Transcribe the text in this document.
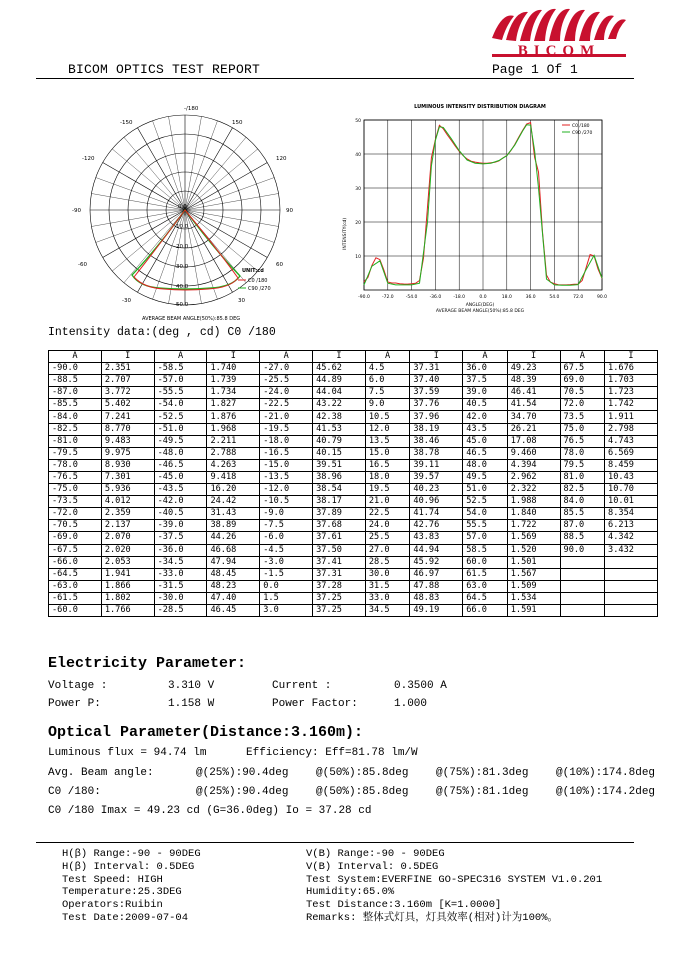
BICOM
BICOM OPTICS TEST REPORT	Page 1 Of 1
-/180
150
-150
120
-120
90
-90
60
-60
30
-30
0.0
10.0
20.0
30.0
40.0
50.0
UNIT:cd
C0 /180
C90 /270
AVERAGE BEAM ANGLE(50%):85.8 DEG
LUMINOUS INTENSITY DISTRIBUTION DIAGRAM
INTENSITY(cd)
-90.0	-72.0	-54.0	-36.0	-18.0	0.0	18.0	36.0	54.0	72.0	90.0
10
20
30
40
50
C0 /180
C90 /270
ANGLE(DEG)
AVERAGE BEAM ANGLE(50%):85.8 DEG
Intensity data:(deg , cd) C0 /180
A	I	A	I	A	I	A	I	A	I	A	I
-90.0	2.351	-58.5	1.740	-27.0	45.62	4.5	37.31	36.0	49.23	67.5	1.676
-88.5	2.707	-57.0	1.739	-25.5	44.89	6.0	37.40	37.5	48.39	69.0	1.703
-87.0	3.772	-55.5	1.734	-24.0	44.04	7.5	37.59	39.0	46.41	70.5	1.723
-85.5	5.402	-54.0	1.827	-22.5	43.22	9.0	37.76	40.5	41.54	72.0	1.742
-84.0	7.241	-52.5	1.876	-21.0	42.38	10.5	37.96	42.0	34.70	73.5	1.911
-82.5	8.770	-51.0	1.968	-19.5	41.53	12.0	38.19	43.5	26.21	75.0	2.798
-81.0	9.483	-49.5	2.211	-18.0	40.79	13.5	38.46	45.0	17.08	76.5	4.743
-79.5	9.975	-48.0	2.788	-16.5	40.15	15.0	38.78	46.5	9.460	78.0	6.569
-78.0	8.930	-46.5	4.263	-15.0	39.51	16.5	39.11	48.0	4.394	79.5	8.459
-76.5	7.301	-45.0	9.418	-13.5	38.96	18.0	39.57	49.5	2.962	81.0	10.43
-75.0	5.936	-43.5	16.20	-12.0	38.54	19.5	40.23	51.0	2.322	82.5	10.70
-73.5	4.012	-42.0	24.42	-10.5	38.17	21.0	40.96	52.5	1.988	84.0	10.01
-72.0	2.359	-40.5	31.43	-9.0	37.89	22.5	41.74	54.0	1.840	85.5	8.354
-70.5	2.137	-39.0	38.89	-7.5	37.68	24.0	42.76	55.5	1.722	87.0	6.213
-69.0	2.070	-37.5	44.26	-6.0	37.61	25.5	43.83	57.0	1.569	88.5	4.342
-67.5	2.020	-36.0	46.68	-4.5	37.50	27.0	44.94	58.5	1.520	90.0	3.432
-66.0	2.053	-34.5	47.94	-3.0	37.41	28.5	45.92	60.0	1.501		
-64.5	1.941	-33.0	48.45	-1.5	37.31	30.0	46.97	61.5	1.567		
-63.0	1.866	-31.5	48.23	0.0	37.28	31.5	47.88	63.0	1.509		
-61.5	1.802	-30.0	47.40	1.5	37.25	33.0	48.83	64.5	1.534		
-60.0	1.766	-28.5	46.45	3.0	37.25	34.5	49.19	66.0	1.591		
Electricity Parameter:
Voltage :	3.310 V	Current :	0.3500 A
Power P:	1.158 W	Power Factor:	1.000
Optical Parameter(Distance:3.160m):
Luminous flux = 94.74 lm	Efficiency: Eff=81.78 lm/W
Avg. Beam angle:	@(25%):90.4deg	@(50%):85.8deg	@(75%):81.3deg	@(10%):174.8deg
C0 /180:	@(25%):90.4deg	@(50%):85.8deg	@(75%):81.1deg	@(10%):174.2deg
C0 /180 Imax = 49.23 cd (G=36.0deg) Io = 37.28 cd
H(β) Range:-90 - 90DEG
H(β) Interval: 0.5DEG
Test Speed: HIGH
Temperature:25.3DEG
Operators:Ruibin
Test Date:2009-07-04
V(B) Range:-90 - 90DEG
V(B) Interval: 0.5DEG
Test System:EVERFINE GO-SPEC316 SYSTEM V1.0.201
Humidity:65.0%
Test Distance:3.160m [K=1.0000]
Remarks: 整体式灯具，灯具效率(相对)计为100%。
